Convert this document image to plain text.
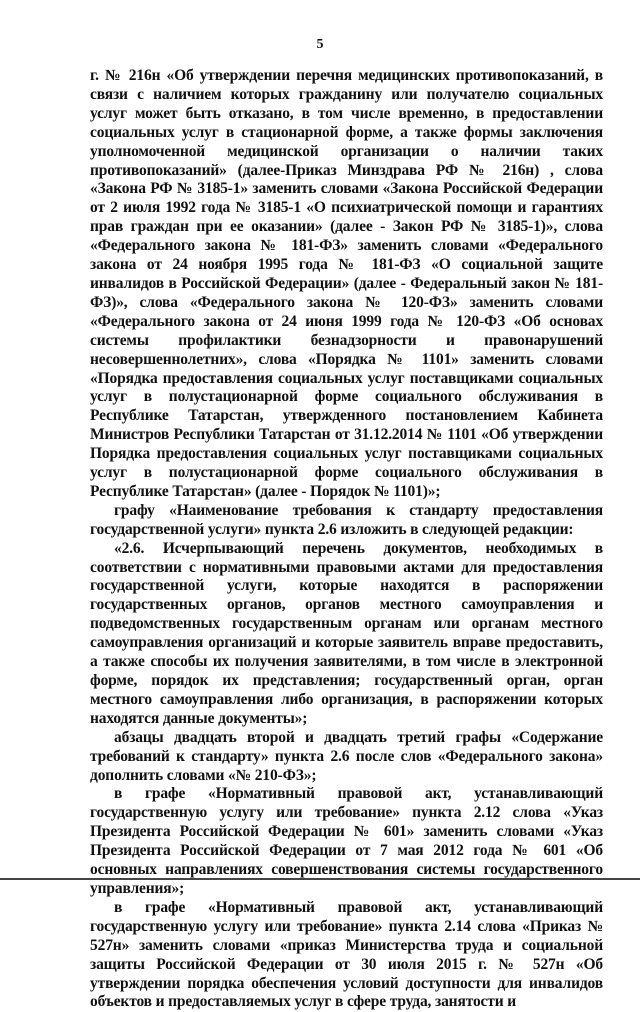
5

г. № 216н «Об утверждении перечня медицинских противопоказаний, в связи с наличием которых гражданину или получателю социальных услуг может быть отказано, в том числе временно, в предоставлении социальных услуг в стационарной форме, а также формы заключения уполномоченной медицинской организации о наличии таких противопоказаний» (далее-Приказ Минздрава РФ № 216н) , слова «Закона РФ № 3185-1» заменить словами «Закона Российской Федерации от 2 июля 1992 года № 3185-1 «О психиатрической помощи и гарантиях прав граждан при ее оказании» (далее - Закон РФ № 3185-1)», слова «Федерального закона № 181-ФЗ» заменить словами «Федерального закона от 24 ноября 1995 года № 181-ФЗ «О социальной защите инвалидов в Российской Федерации» (далее - Федеральный закон № 181-ФЗ)», слова «Федерального закона № 120-ФЗ» заменить словами «Федерального закона от 24 июня 1999 года № 120-ФЗ «Об основах системы профилактики безнадзорности и правонарушений несовершеннолетних», слова «Порядка № 1101» заменить словами «Порядка предоставления социальных услуг поставщиками социальных услуг в полустационарной форме социального обслуживания в Республике Татарстан, утвержденного постановлением Кабинета Министров Республики Татарстан от 31.12.2014 № 1101 «Об утверждении Порядка предоставления социальных услуг поставщиками социальных услуг в полустационарной форме социального обслуживания в Республике Татарстан» (далее - Порядок № 1101)»;

графу «Наименование требования к стандарту предоставления государственной услуги» пункта 2.6 изложить в следующей редакции:

«2.6. Исчерпывающий перечень документов, необходимых в соответствии с нормативными правовыми актами для предоставления государственной услуги, которые находятся в распоряжении государственных органов, органов местного самоуправления и подведомственных государственным органам или органам местного самоуправления организаций и которые заявитель вправе предоставить, а также способы их получения заявителями, в том числе в электронной форме, порядок их представления; государственный орган, орган местного самоуправления либо организация, в распоряжении которых находятся данные документы»;

абзацы двадцать второй и двадцать третий графы «Содержание требований к стандарту» пункта 2.6 после слов «Федерального закона» дополнить словами «№ 210-ФЗ»;

в графе «Нормативный правовой акт, устанавливающий государственную услугу или требование» пункта 2.12 слова «Указ Президента Российской Федерации № 601» заменить словами «Указ Президента Российской Федерации от 7 мая 2012 года № 601 «Об основных направлениях совершенствования системы государственного управления»;

в графе «Нормативный правовой акт, устанавливающий государственную услугу или требование» пункта 2.14 слова «Приказ № 527н» заменить словами «приказ Министерства труда и социальной защиты Российской Федерации от 30 июля 2015 г. № 527н «Об утверждении порядка обеспечения условий доступности для инвалидов объектов и предоставляемых услуг в сфере труда, занятости и
